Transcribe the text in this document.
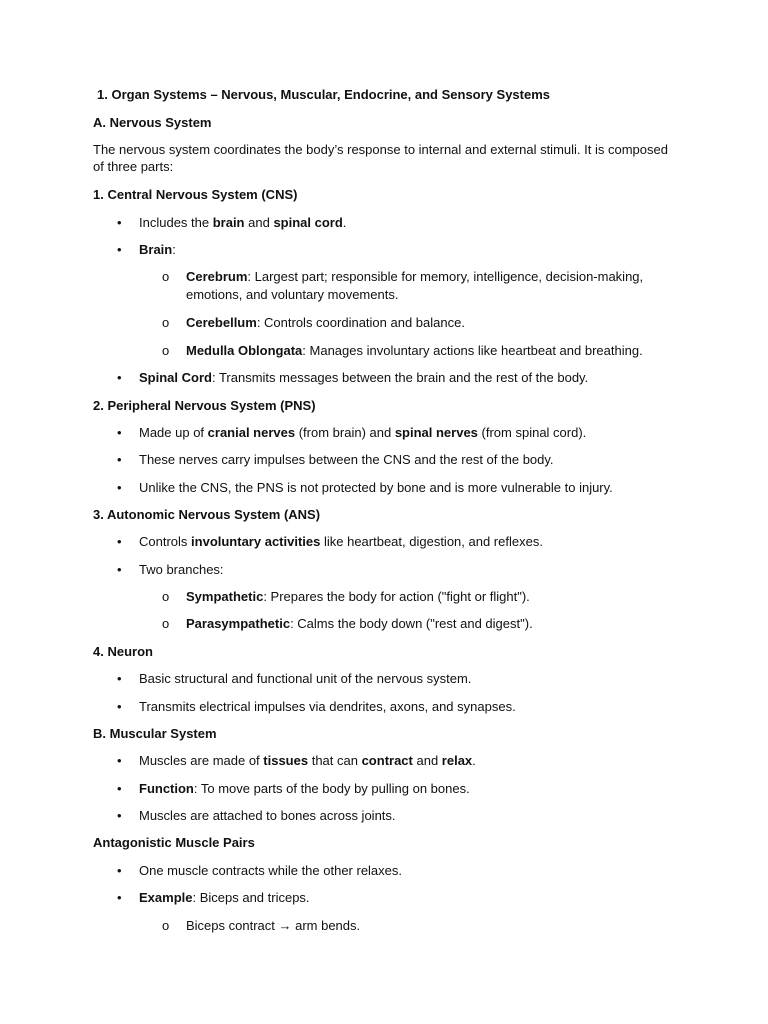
1. Organ Systems – Nervous, Muscular, Endocrine, and Sensory Systems
A. Nervous System
The nervous system coordinates the body’s response to internal and external stimuli. It is composed
of three parts:
1. Central Nervous System (CNS)
• Includes the brain and spinal cord.
• Brain:
o Cerebrum: Largest part; responsible for memory, intelligence, decision-making,
emotions, and voluntary movements.
o Cerebellum: Controls coordination and balance.
o Medulla Oblongata: Manages involuntary actions like heartbeat and breathing.
• Spinal Cord: Transmits messages between the brain and the rest of the body.
2. Peripheral Nervous System (PNS)
• Made up of cranial nerves (from brain) and spinal nerves (from spinal cord).
• These nerves carry impulses between the CNS and the rest of the body.
• Unlike the CNS, the PNS is not protected by bone and is more vulnerable to injury.
3. Autonomic Nervous System (ANS)
• Controls involuntary activities like heartbeat, digestion, and reflexes.
• Two branches:
o Sympathetic: Prepares the body for action ("fight or flight").
o Parasympathetic: Calms the body down ("rest and digest").
4. Neuron
• Basic structural and functional unit of the nervous system.
• Transmits electrical impulses via dendrites, axons, and synapses.
B. Muscular System
• Muscles are made of tissues that can contract and relax.
• Function: To move parts of the body by pulling on bones.
• Muscles are attached to bones across joints.
Antagonistic Muscle Pairs
• One muscle contracts while the other relaxes.
• Example: Biceps and triceps.
o Biceps contract → arm bends.
